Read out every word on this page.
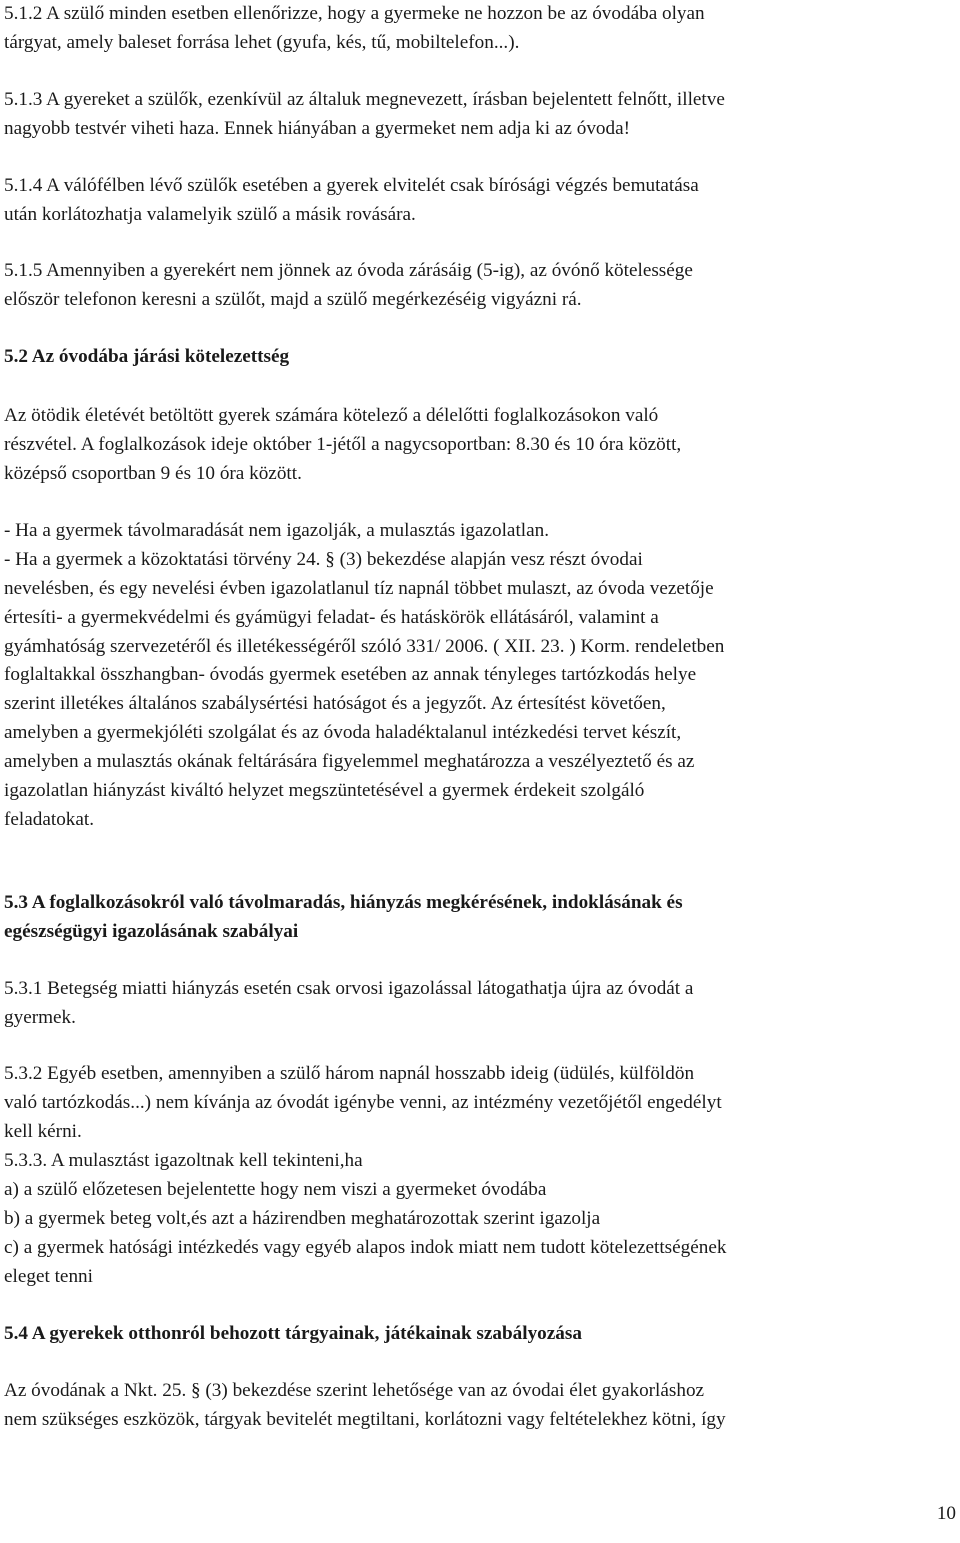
5.1.2 A szülő minden esetben ellenőrizze, hogy a gyermeke ne hozzon be az óvodába olyan
tárgyat, amely baleset forrása lehet (gyufa, kés, tű, mobiltelefon...).

5.1.3 A gyereket a szülők, ezenkívül az általuk megnevezett, írásban bejelentett felnőtt, illetve
nagyobb testvér viheti haza. Ennek hiányában a gyermeket nem adja ki az óvoda!

5.1.4 A válófélben lévő szülők esetében a gyerek elvitelét csak bírósági végzés bemutatása
után korlátozhatja valamelyik szülő a másik rovására.

5.1.5 Amennyiben a gyerekért nem jönnek az óvoda zárásáig (5-ig), az óvónő kötelessége
először telefonon keresni a szülőt, majd a szülő megérkezéséig vigyázni rá.

5.2 Az óvodába járási kötelezettség

Az ötödik életévét betöltött gyerek számára kötelező a délelőtti foglalkozásokon való
részvétel. A foglalkozások ideje október 1-jétől a nagycsoportban: 8.30 és 10 óra között,
középső csoportban 9 és 10 óra között.

- Ha a gyermek távolmaradását nem igazolják, a mulasztás igazolatlan.
- Ha a gyermek a közoktatási törvény 24. § (3) bekezdése alapján vesz részt óvodai
nevelésben, és egy nevelési évben igazolatlanul tíz napnál többet mulaszt, az óvoda vezetője
értesíti- a gyermekvédelmi és gyámügyi feladat- és hatáskörök ellátásáról, valamint a
gyámhatóság szervezetéről és illetékességéről szóló 331/ 2006. ( XII. 23. ) Korm. rendeletben
foglaltakkal összhangban- óvodás gyermek esetében az annak tényleges tartózkodás helye
szerint illetékes általános szabálysértési hatóságot és a jegyzőt. Az értesítést követően,
amelyben a gyermekjóléti szolgálat és az óvoda haladéktalanul intézkedési tervet készít,
amelyben a mulasztás okának feltárására figyelemmel meghatározza a veszélyeztető és az
igazolatlan hiányzást kiváltó helyzet megszüntetésével a gyermek érdekeit szolgáló
feladatokat.

5.3 A foglalkozásokról való távolmaradás, hiányzás megkérésének, indoklásának és
egészségügyi igazolásának szabályai

5.3.1 Betegség miatti hiányzás esetén csak orvosi igazolással látogathatja újra az óvodát a
gyermek.

5.3.2 Egyéb esetben, amennyiben a szülő három napnál hosszabb ideig (üdülés, külföldön
való tartózkodás...) nem kívánja az óvodát igénybe venni, az intézmény vezetőjétől engedélyt
kell kérni.

5.3.3. A mulasztást igazoltnak kell tekinteni,ha
a) a szülő előzetesen bejelentette hogy nem viszi a gyermeket óvodába
b) a gyermek beteg volt,és azt a házirendben meghatározottak szerint igazolja
c) a gyermek hatósági intézkedés vagy egyéb alapos indok miatt nem tudott kötelezettségének
eleget tenni

5.4 A gyerekek otthonról behozott tárgyainak, játékainak szabályozása

Az óvodának a Nkt. 25. § (3) bekezdése szerint lehetősége van az óvodai élet gyakorláshoz
nem szükséges eszközök, tárgyak bevitelét megtiltani, korlátozni vagy feltételekhez kötni, így

10
